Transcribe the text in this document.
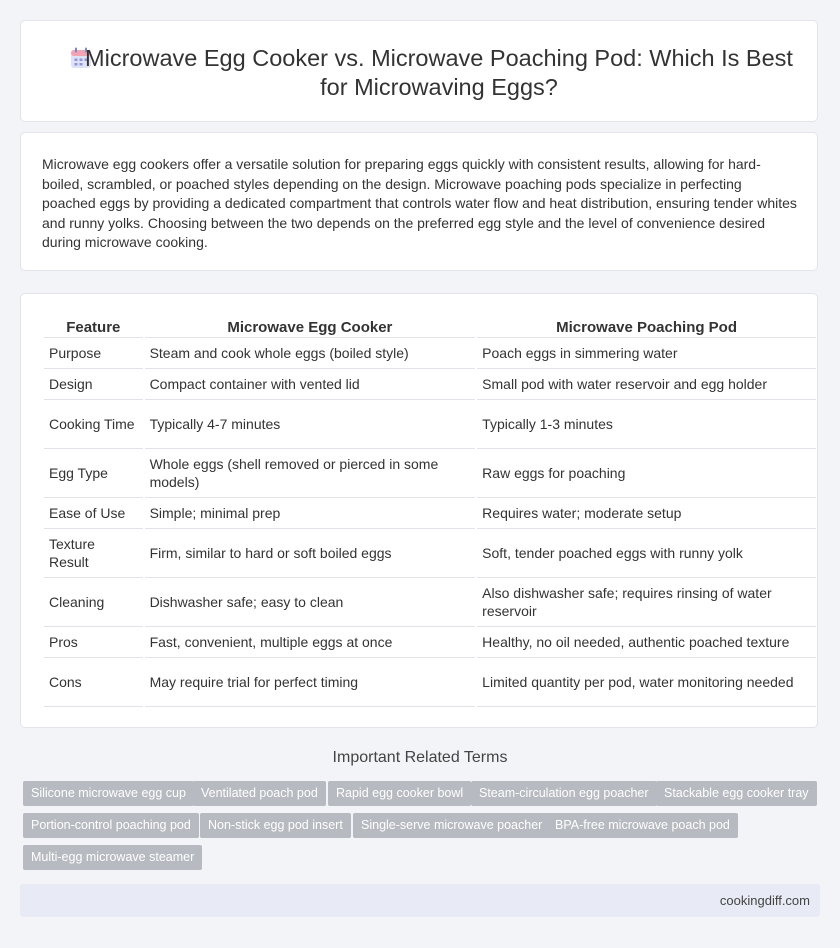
Microwave Egg Cooker vs. Microwave Poaching Pod: Which Is Best for Microwaving Eggs?
Microwave egg cookers offer a versatile solution for preparing eggs quickly with consistent results, allowing for hard-boiled, scrambled, or poached styles depending on the design. Microwave poaching pods specialize in perfecting poached eggs by providing a dedicated compartment that controls water flow and heat distribution, ensuring tender whites and runny yolks. Choosing between the two depends on the preferred egg style and the level of convenience desired during microwave cooking.
Feature	Microwave Egg Cooker	Microwave Poaching Pod
Purpose	Steam and cook whole eggs (boiled style)	Poach eggs in simmering water
Design	Compact container with vented lid	Small pod with water reservoir and egg holder
Cooking Time	Typically 4-7 minutes	Typically 1-3 minutes
Egg Type	Whole eggs (shell removed or pierced in some models)	Raw eggs for poaching
Ease of Use	Simple; minimal prep	Requires water; moderate setup
Texture Result	Firm, similar to hard or soft boiled eggs	Soft, tender poached eggs with runny yolk
Cleaning	Dishwasher safe; easy to clean	Also dishwasher safe; requires rinsing of water reservoir
Pros	Fast, convenient, multiple eggs at once	Healthy, no oil needed, authentic poached texture
Cons	May require trial for perfect timing	Limited quantity per pod, water monitoring needed
Important Related Terms
Silicone microwave egg cup	Ventilated poach pod	Rapid egg cooker bowl	Steam-circulation egg poacher	Stackable egg cooker tray
Portion-control poaching pod	Non-stick egg pod insert	Single-serve microwave poacher	BPA-free microwave poach pod
Multi-egg microwave steamer
cookingdiff.com
